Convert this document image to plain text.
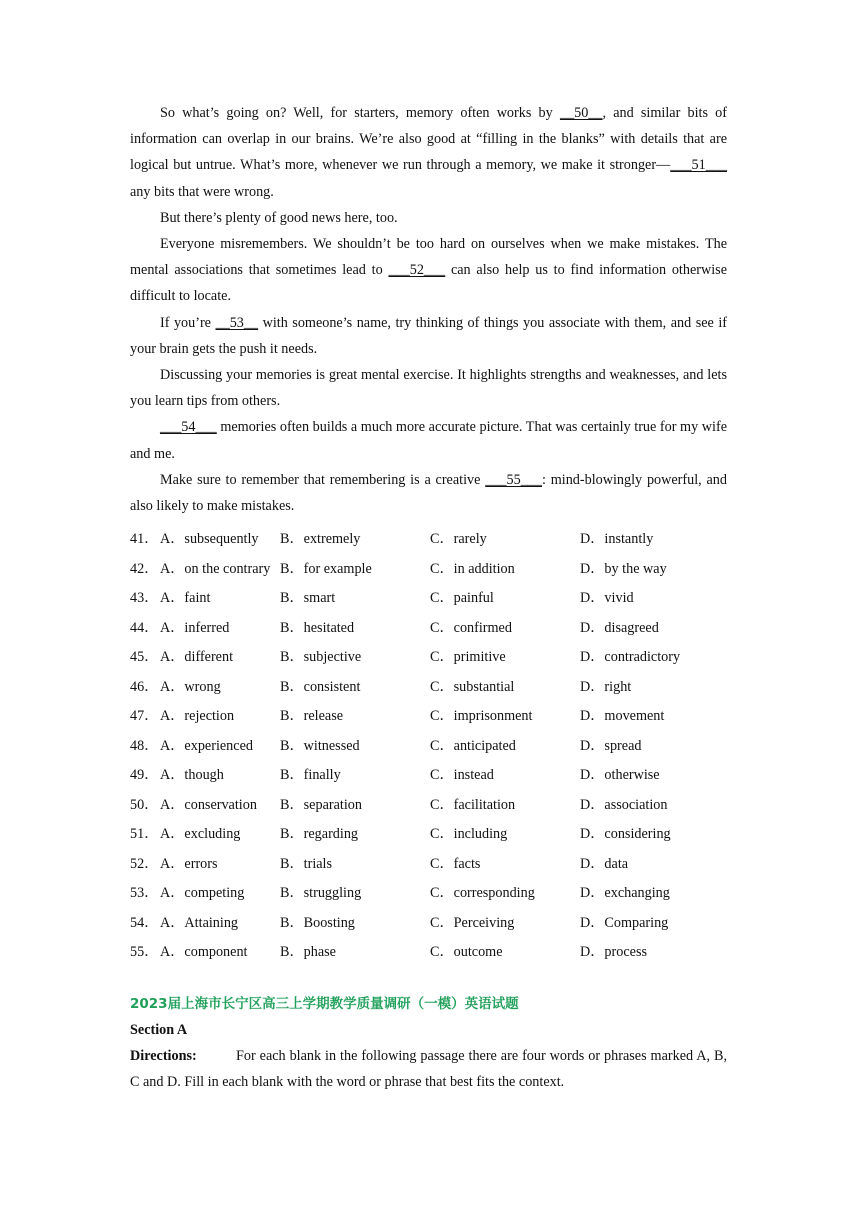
So what’s going on? Well, for starters, memory often works by __50__, and similar bits of information can overlap in our brains. We’re also good at “filling in the blanks” with details that are logical but untrue. What’s more, whenever we run through a memory, we make it stronger—___51___ any bits that were wrong.

But there’s plenty of good news here, too.

Everyone misremembers. We shouldn’t be too hard on ourselves when we make mistakes. The mental associations that sometimes lead to ___52___ can also help us to find information otherwise difficult to locate.

If you’re __53__ with someone’s name, try thinking of things you associate with them, and see if your brain gets the push it needs.

Discussing your memories is great mental exercise. It highlights strengths and weaknesses, and lets you learn tips from others.

___54___ memories often builds a much more accurate picture. That was certainly true for my wife and me.

Make sure to remember that remembering is a creative ___55___: mind-blowingly powerful, and also likely to make mistakes.

41． A．subsequently	B．extremely	C．rarely	D．instantly
42． A．on the contrary B．for example	C．in addition	D．by the way
43． A．faint	B．smart	C．painful	D．vivid
44． A．inferred	B．hesitated	C．confirmed	D．disagreed
45． A．different	B．subjective	C．primitive	D．contradictory
46． A．wrong	B．consistent	C．substantial	D．right
47． A．rejection	B．release	C．imprisonment	D．movement
48． A．experienced	B．witnessed	C．anticipated	D．spread
49． A．though	B．finally	C．instead	D．otherwise
50． A．conservation	B．separation	C．facilitation	D．association
51． A．excluding	B．regarding	C．including	D．considering
52． A．errors	B．trials	C．facts	D．data
53． A．competing	B．struggling	C．corresponding	D．exchanging
54． A．Attaining	B．Boosting	C．Perceiving	D．Comparing
55． A．component	B．phase	C．outcome	D．process
2023届上海市长宁区高三上学期教学质量调研（一模）英语试题
Section A

Directions:	For each blank in the following passage there are four words or phrases marked A, B, C and D. Fill in each blank with the word or phrase that best fits the context.
